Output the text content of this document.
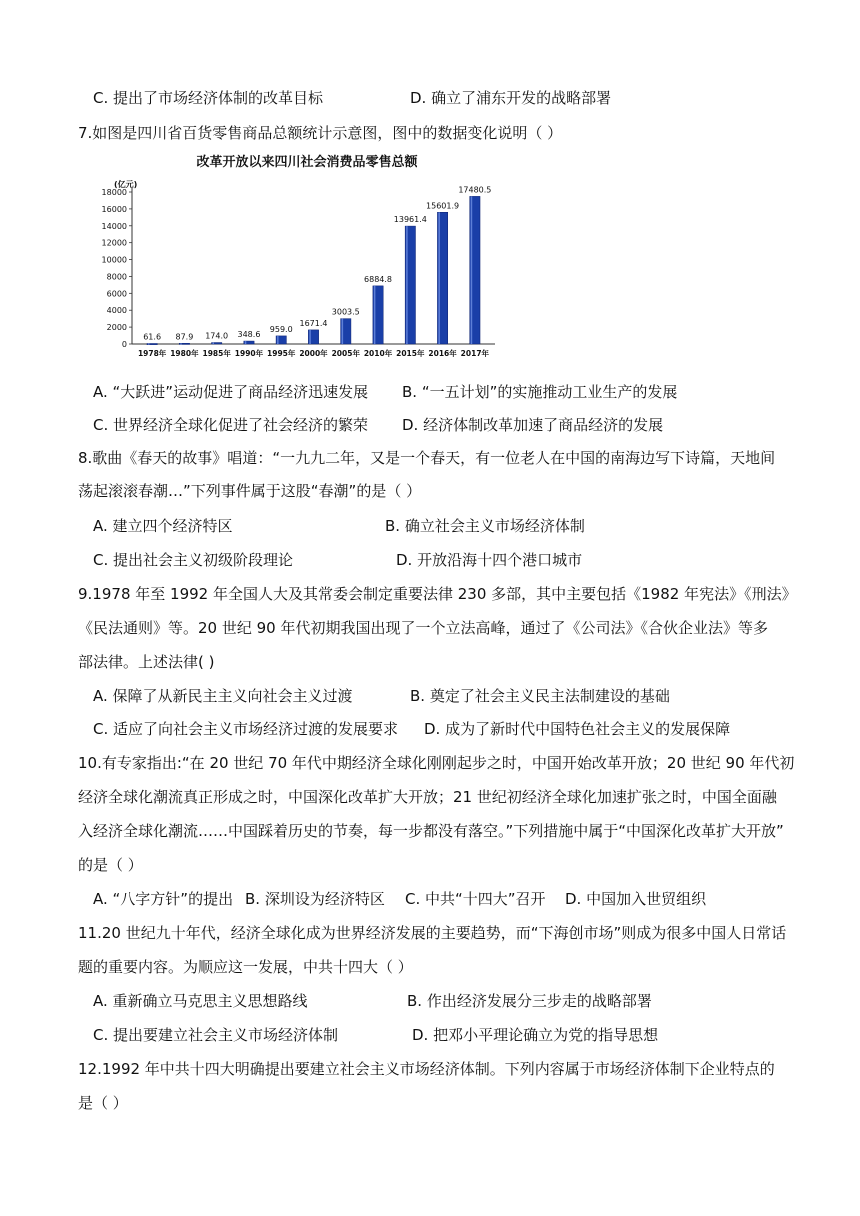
C. 提出了市场经济体制的改革目标	D. 确立了浦东开发的战略部署
7.如图是四川省百货零售商品总额统计示意图，图中的数据变化说明（ ）
改革开放以来四川社会消费品零售总额
(亿元)
0
2000
4000
6000
8000
10000
12000
14000
16000
18000
61.6
1978年
87.9
1980年
174.0
1985年
348.6
1990年
959.0
1995年
1671.4
2000年
3003.5
2005年
6884.8
2010年
13961.4
2015年
15601.9
2016年
17480.5
2017年
A. “大跃进”运动促进了商品经济迅速发展 B. “一五计划”的实施推动工业生产的发展
C. 世界经济全球化促进了社会经济的繁荣 D. 经济体制改革加速了商品经济的发展
8.歌曲《春天的故事》唱道：“一九九二年，又是一个春天，有一位老人在中国的南海边写下诗篇，天地间
荡起滚滚春潮…”下列事件属于这股“春潮”的是（ ）
A. 建立四个经济特区	B. 确立社会主义市场经济体制
C. 提出社会主义初级阶段理论	D. 开放沿海十四个港口城市
9.1978 年至 1992 年全国人大及其常委会制定重要法律 230 多部，其中主要包括《1982 年宪法》《刑法》
《民法通则》等。20 世纪 90 年代初期我国出现了一个立法高峰，通过了《公司法》《合伙企业法》等多
部法律。上述法律( )
A. 保障了从新民主主义向社会主义过渡	B. 奠定了社会主义民主法制建设的基础
C. 适应了向社会主义市场经济过渡的发展要求 D. 成为了新时代中国特色社会主义的发展保障
10.有专家指出:“在 20 世纪 70 年代中期经济全球化刚刚起步之时，中国开始改革开放；20 世纪 90 年代初
经济全球化潮流真正形成之时，中国深化改革扩大开放；21 世纪初经济全球化加速扩张之时，中国全面融
入经济全球化潮流……中国踩着历史的节奏，每一步都没有落空。”下列措施中属于“中国深化改革扩大开放”
的是（ ）
A. “八字方针”的提出 B. 深圳设为经济特区 C. 中共“十四大”召开 D. 中国加入世贸组织
11.20 世纪九十年代，经济全球化成为世界经济发展的主要趋势，而“下海创市场”则成为很多中国人日常话
题的重要内容。为顺应这一发展，中共十四大（ ）
A. 重新确立马克思主义思想路线	B. 作出经济发展分三步走的战略部署
C. 提出要建立社会主义市场经济体制	D. 把邓小平理论确立为党的指导思想
12.1992 年中共十四大明确提出要建立社会主义市场经济体制。下列内容属于市场经济体制下企业特点的
是（ ）
